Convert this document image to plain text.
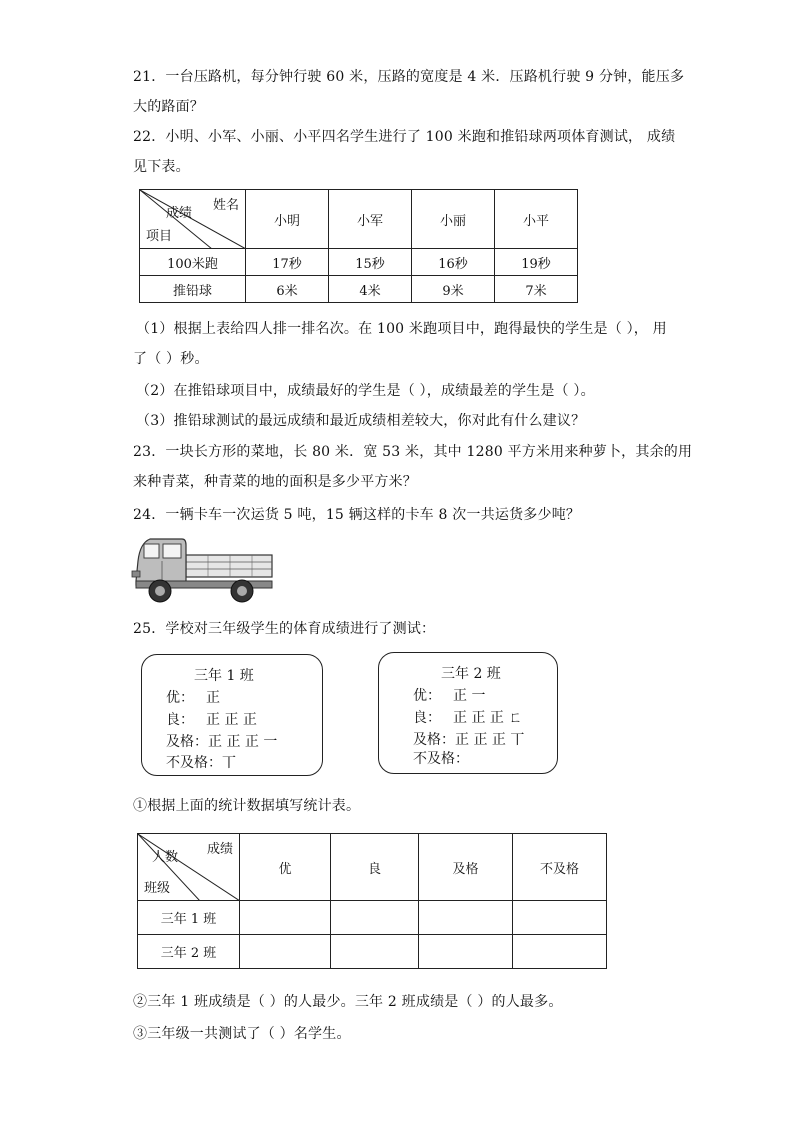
21．一台压路机，每分钟行驶 60 米，压路的宽度是 4 米．压路机行驶 9 分钟，能压多
大的路面？
22．小明、小军、小丽、小平四名学生进行了 100 米跑和推铅球两项体育测试， 成绩
见下表。
姓名
成绩
项目	小明	小军	小丽	小平
100米跑	17秒	15秒	16秒	19秒
推铅球	6米	4米	9米	7米
（1）根据上表给四人排一排名次。在 100 米跑项目中，跑得最快的学生是（ ）， 用
了（ ）秒。
（2）在推铅球项目中，成绩最好的学生是（ ），成绩最差的学生是（ ）。
（3）推铅球测试的最远成绩和最近成绩相差较大，你对此有什么建议？
23．一块长方形的菜地，长 80 米．宽 53 米，其中 1280 平方米用来种萝卜，其余的用
来种青菜，种青菜的地的面积是多少平方米？
24．一辆卡车一次运货 5 吨，15 辆这样的卡车 8 次一共运货多少吨？
25．学校对三年级学生的体育成绩进行了测试：
三年 1 班
优： 正
良： 正 正 正
及格：正 正 正 一
不及格：丅
三年 2 班
优： 正 一
良： 正 正 正 ㄈ
及格：正 正 正 丅
不及格：
①根据上面的统计数据填写统计表。
成绩
人数
班级	优	良	及格	不及格
三年 1 班				
三年 2 班				
②三年 1 班成绩是（ ）的人最少。三年 2 班成绩是（ ）的人最多。
③三年级一共测试了（ ）名学生。
